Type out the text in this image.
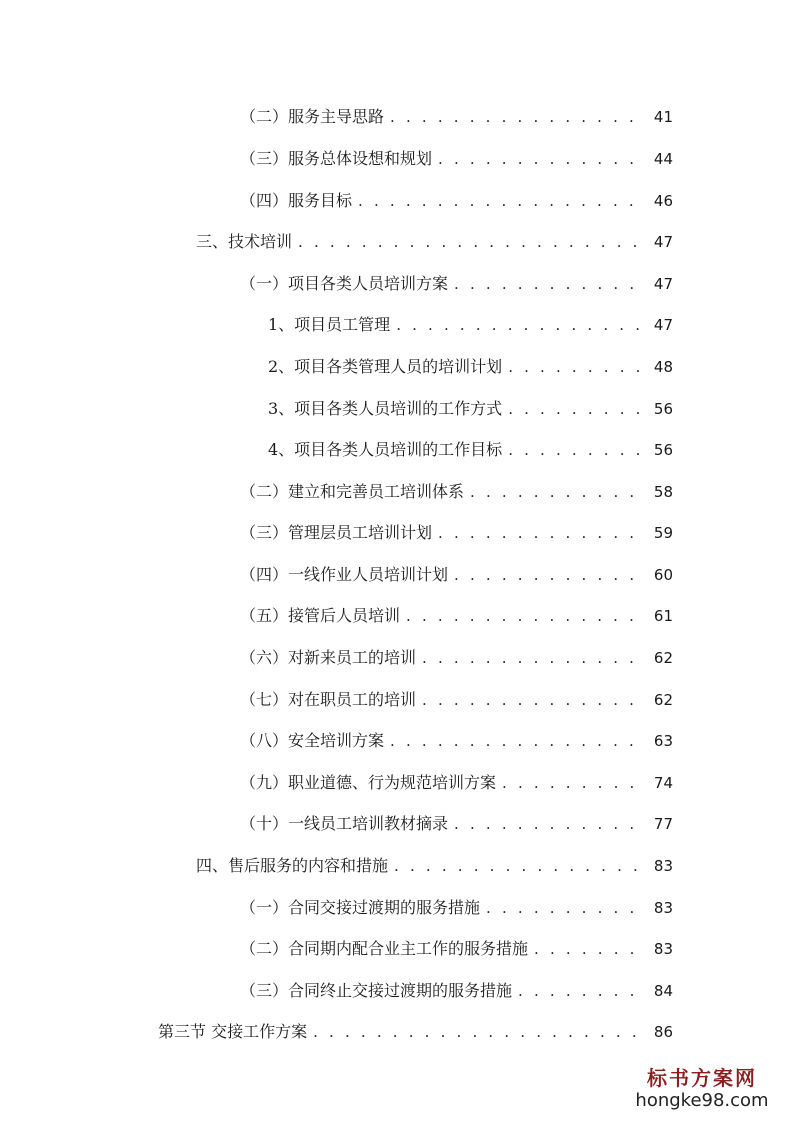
（二）服务主导思路 . . .	41
（三）服务总体设想和规划 . . .	44
（四）服务目标 . . .	46
三、技术培训 . . .	47
（一）项目各类人员培训方案 . . .	47
1、项目员工管理 . . .	47
2、项目各类管理人员的培训计划 . . .	48
3、项目各类人员培训的工作方式 . . .	56
4、项目各类人员培训的工作目标 . . .	56
（二）建立和完善员工培训体系 . . .	58
（三）管理层员工培训计划 . . .	59
（四）一线作业人员培训计划 . . .	60
（五）接管后人员培训 . . .	61
（六）对新来员工的培训 . . .	62
（七）对在职员工的培训 . . .	62
（八）安全培训方案 . . .	63
（九）职业道德、行为规范培训方案 . . .	74
（十）一线员工培训教材摘录 . . .	77
四、售后服务的内容和措施 . . .	83
（一）合同交接过渡期的服务措施 . . .	83
（二）合同期内配合业主工作的服务措施 . . .	83
（三）合同终止交接过渡期的服务措施 . . .	84
第三节 交接工作方案 . . .	86
标书方案网
hongke98.com
